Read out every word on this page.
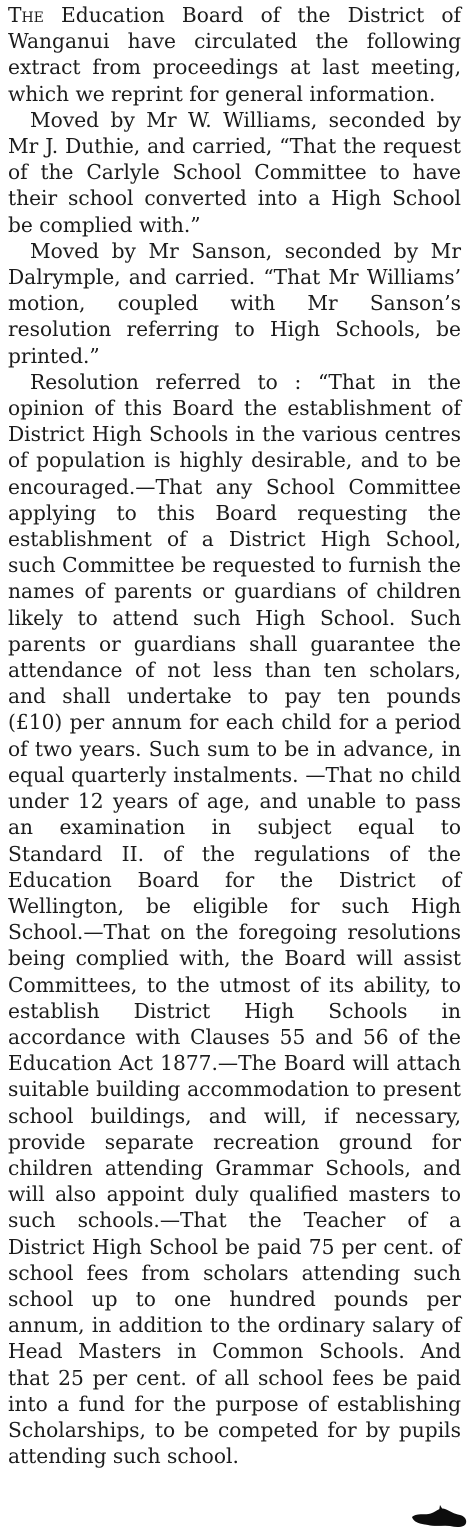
The Education Board of the District of Wanganui have circulated the following extract from proceedings at last meeting, which we reprint for general information.

Moved by Mr W. Williams, seconded by Mr J. Duthie, and carried, “That the request of the Carlyle School Committee to have their school converted into a High School be complied with.”

Moved by Mr Sanson, seconded by Mr Dalrymple, and carried. “That Mr Williams’ motion, coupled with Mr Sanson’s resolution referring to High Schools, be printed.”

Resolution referred to : “That in the opinion of this Board the establishment of District High Schools in the various centres of population is highly desirable, and to be encouraged.—That any School Committee applying to this Board requesting the establishment of a District High School, such Committee be requested to furnish the names of parents or guardians of children likely to attend such High School. Such parents or guardians shall guarantee the attendance of not less than ten scholars, and shall undertake to pay ten pounds (£10) per annum for each child for a period of two years. Such sum to be in advance, in equal quarterly instalments. —That no child under 12 years of age, and unable to pass an examination in subject equal to Standard II. of the regulations of the Education Board for the District of Wellington, be eligible for such High School.—That on the foregoing resolutions being complied with, the Board will assist Committees, to the utmost of its ability, to establish District High Schools in accordance with Clauses 55 and 56 of the Education Act 1877.—The Board will attach suitable building accommodation to present school buildings, and will, if necessary, provide separate recreation ground for children attending Grammar Schools, and will also appoint duly qualified masters to such schools.—That the Teacher of a District High School be paid 75 per cent. of school fees from scholars attending such school up to one hundred pounds per annum, in addition to the ordinary salary of Head Masters in Common Schools. And that 25 per cent. of all school fees be paid into a fund for the purpose of establishing Scholarships, to be competed for by pupils attending such school.
